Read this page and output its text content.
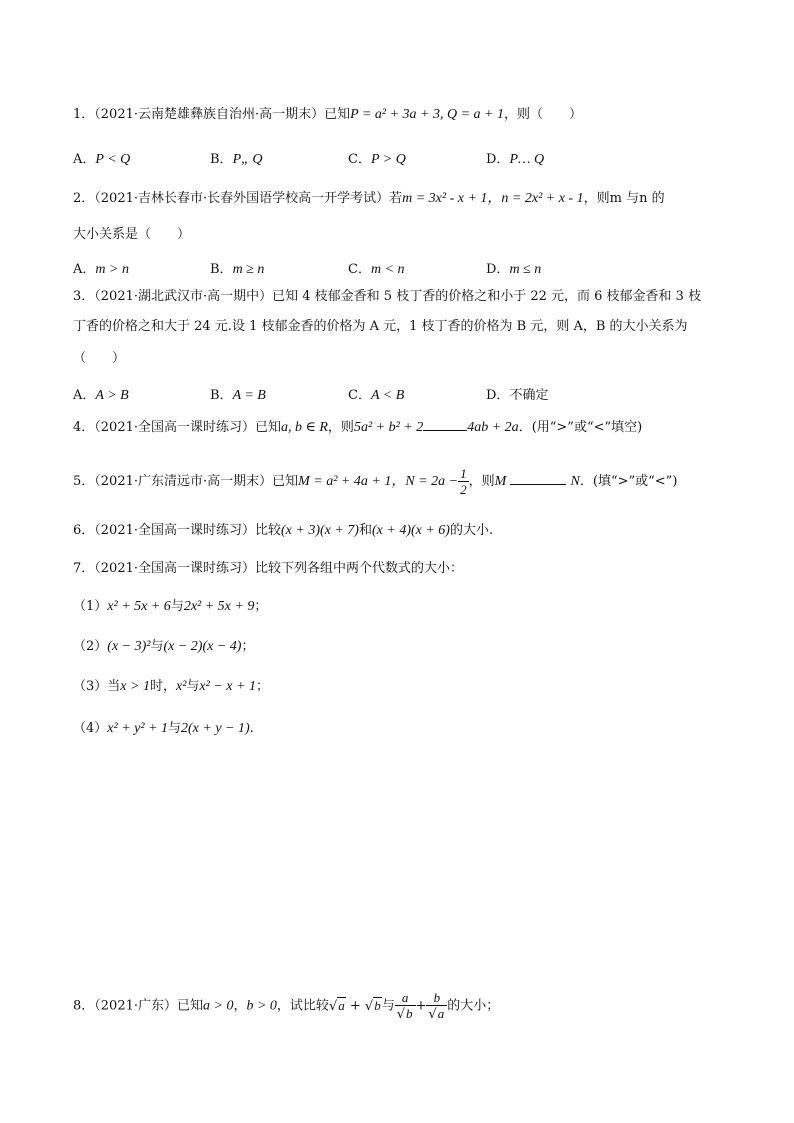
1．（2021·云南楚雄彝族自治州·高一期末）已知P = a² + 3a + 3, Q = a + 1，则（　　）
A．P < Q	B．P„ Q	C．P > Q	D．P… Q
2．（2021·吉林长春市·长春外国语学校高一开学考试）若m = 3x² - x + 1，n = 2x² + x - 1，则m 与n 的
大小关系是（　　）
A．m > n	B．m ≥ n	C．m < n	D．m ≤ n
3．（2021·湖北武汉市·高一期中）已知 4 枝郁金香和 5 枝丁香的价格之和小于 22 元，而 6 枝郁金香和 3 枝
丁香的价格之和大于 24 元.设 1 枝郁金香的价格为 A 元，1 枝丁香的价格为 B 元，则 A，B 的大小关系为
（　　）
A．A > B	B．A = B	C．A < B	D．不确定
4．（2021·全国高一课时练习）已知a, b ∈ R，则5a² + b² + 2	4ab + 2a．(用“>”或“<”填空)
5．（2021·广东清远市·高一期末）已知M = a² + 4a + 1，$N = 2a - \frac{1}{2}$ ，则M	N．(填“>”或“<”)
6．（2021·全国高一课时练习）比较(x + 3)(x + 7)和(x + 4)(x + 6)的大小.
7．（2021·全国高一课时练习）比较下列各组中两个代数式的大小：
（1）x² + 5x + 6与2x² + 5x + 9；
（2）(x − 3)²与(x − 2)(x − 4)；
（3）当x > 1时，x²与x² − x + 1；
（4）x² + y² + 1与2(x + y − 1).
8．（2021·广东）已知a > 0，b > 0，试比较√a + √b与 $\frac{a}{√b} + \frac{b}{√a}$ 的大小；
